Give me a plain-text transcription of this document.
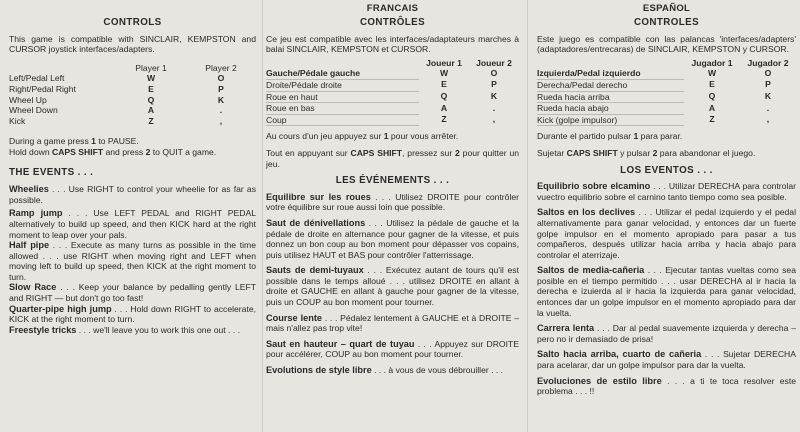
CONTROLS

This game is compatible with SINCLAIR, KEMPSTON and CURSOR joystick interfaces/adapters.

	Player 1	Player 2
Left/Pedal Left	W	O
Right/Pedal Right	E	P
Wheel Up	Q	K
Wheel Down	A	.
Kick	Z	,

During a game press 1 to PAUSE.

Hold down CAPS SHIFT and press 2 to QUIT a game.

THE EVENTS . . .
Wheelies . . . Use RIGHT to control your wheelie for as far as possible.
Ramp jump . . . Use LEFT PEDAL and RIGHT PEDAL alternatively to build up speed, and then KICK hard at the right moment to leap over your pals.
Half pipe . . . Execute as many turns as possible in the time allowed . . . use RIGHT when moving right and LEFT when moving left to build up speed, then KICK at the right moment to turn.
Slow Race . . . Keep your balance by pedalling gently LEFT and RIGHT — but don't go too fast!
Quarter-pipe high jump . . . Hold down RIGHT to accelerate, KICK at the right moment to turn.
Freestyle tricks . . . we'll leave you to work this one out . . .
FRANCAIS
CONTRÔLES

Ce jeu est compatible avec les interfaces/adaptateurs marches à balai SINCLAIR, KEMPSTON et CURSOR.

	Joueur 1	Joueur 2
Gauche/Pédale gauche	W	O
Droite/Pédale droite	E	P
Roue en haut	Q	K
Roue en bas	A	.
Coup	Z	,

Au cours d'un jeu appuyez sur 1 pour vous arrêter.

Tout en appuyant sur CAPS SHIFT, pressez sur 2 pour quitter un jeu.

LES ÉVÉNEMENTS . . .
Equilibre sur les roues . . . Utilisez DROITE pour contrôler votre équilibre sur roue aussi loin que possible.
Saut de dénivellations . . . Utilisez la pédale de gauche et la pédale de droite en alternance pour gagner de la vitesse, et puis donnez un bon coup au bon moment pour dépasser vos copains, puis utilisez HAUT et BAS pour contrôler l'atterrissage.
Sauts de demi-tuyaux . . . Exécutez autant de tours qu'il est possible dans le temps alloué . . . utilisez DROITE en allant à droite et GAUCHE en allant à gauche pour gagner de la vitesse, puis un COUP au bon moment pour tourner.
Course lente . . . Pédalez lentement à GAUCHE et à DROITE – mais n'allez pas trop vite!
Saut en hauteur – quart de tuyau . . . Appuyez sur DROITE pour accélérer, COUP au bon moment pour tourner.
Evolutions de style libre . . . à vous de vous débrouiller . . .
ESPAÑOL
CONTROLES

Este juego es compatible con las palancas 'interfaces/adapters' (adaptadores/entrecaras) de SINCLAIR, KEMPSTON y CURSOR.

	Jugador 1	Jugador 2
Izquierda/Pedal izquierdo	W	O
Derecha/Pedal derecho	E	P
Rueda hacia arriba	Q	K
Rueda hacia abajo	A	.
Kick (golpe impulsor)	Z	,

Durante el partido pulsar 1 para parar.

Sujetar CAPS SHIFT y pulsar 2 para abandonar el juego.

LOS EVENTOS . . .
Equilibrio sobre elcamino . . . Utilizar DERECHA para controlar vuectro equilibrio sobre el carnino tanto tiempo como sea posible.
Saltos en los declives . . . Utilizar el pedal izquierdo y el pedal alternativamente para ganar velocidad, y entonces dar un fuerte golpe impulsor en el momento apropiado para pasar a tus compañeros, después utilizar hacia arriba y hacia abajo para controlar el aterrizaje.
Saltos de media-cañeria . . . Ejecutar tantas vueltas como sea posible en el tiempo permitido . . . usar DERECHA al ir hacia la derecha e izuierda al ir hacia la izquierda para ganar velocidad, entonces dar un golpe impulsor en el momento apropiado para dar la vuelta.
Carrera lenta . . . Dar al pedal suavemente izquierda y derecha – pero no ir demasiado de prisa!
Salto hacia arriba, cuarto de cañeria . . . Sujetar DERECHA para acelarar, dar un golpe impulsor para dar la vuelta.
Evoluciones de estilo libre . . . a ti te toca resolver este problema . . . !!
